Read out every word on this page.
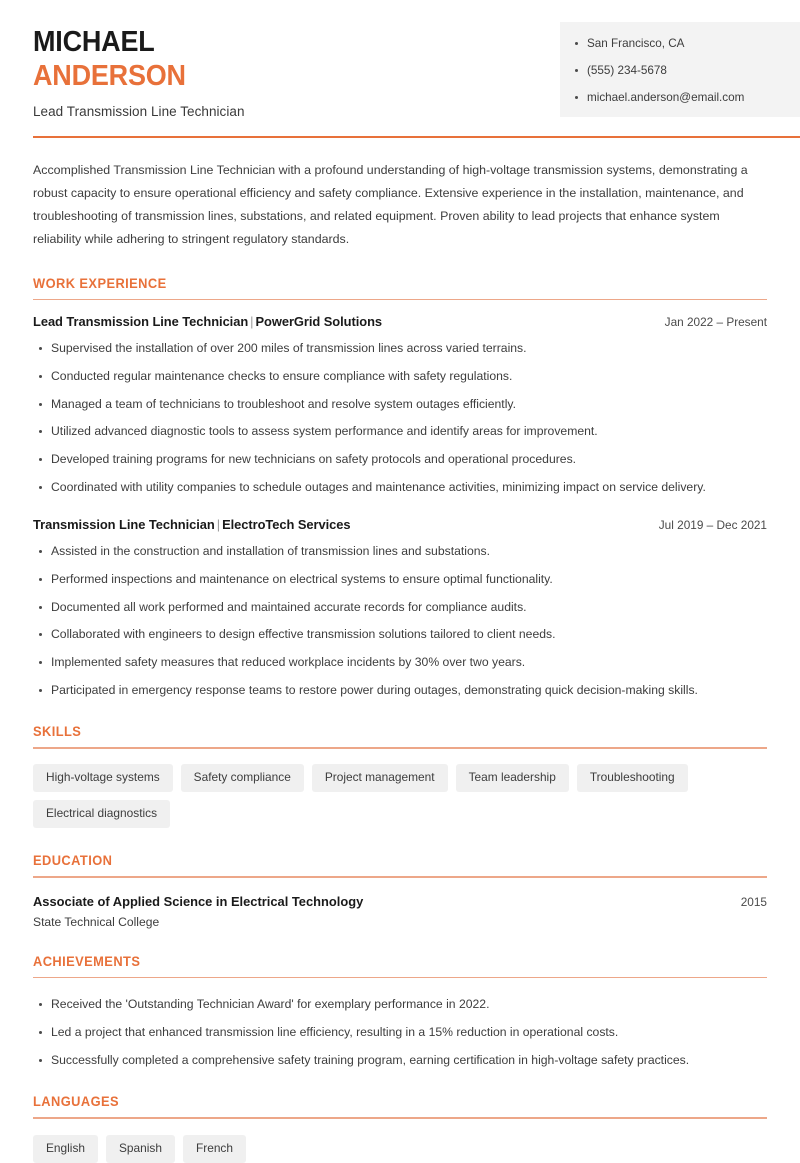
MICHAEL
ANDERSON
Lead Transmission Line Technician
San Francisco, CA
(555) 234-5678
michael.anderson@email.com

Accomplished Transmission Line Technician with a profound understanding of high-voltage transmission systems, demonstrating a robust capacity to ensure operational efficiency and safety compliance. Extensive experience in the installation, maintenance, and troubleshooting of transmission lines, substations, and related equipment. Proven ability to lead projects that enhance system reliability while adhering to stringent regulatory standards.

WORK EXPERIENCE
Lead Transmission Line Technician | PowerGrid Solutions	Jan 2022 – Present
Supervised the installation of over 200 miles of transmission lines across varied terrains.
Conducted regular maintenance checks to ensure compliance with safety regulations.
Managed a team of technicians to troubleshoot and resolve system outages efficiently.
Utilized advanced diagnostic tools to assess system performance and identify areas for improvement.
Developed training programs for new technicians on safety protocols and operational procedures.
Coordinated with utility companies to schedule outages and maintenance activities, minimizing impact on service delivery.
Transmission Line Technician | ElectroTech Services	Jul 2019 – Dec 2021
Assisted in the construction and installation of transmission lines and substations.
Performed inspections and maintenance on electrical systems to ensure optimal functionality.
Documented all work performed and maintained accurate records for compliance audits.
Collaborated with engineers to design effective transmission solutions tailored to client needs.
Implemented safety measures that reduced workplace incidents by 30% over two years.
Participated in emergency response teams to restore power during outages, demonstrating quick decision-making skills.
SKILLS
High-voltage systems	Safety compliance	Project management	Team leadership	Troubleshooting
Electrical diagnostics
EDUCATION
Associate of Applied Science in Electrical Technology	2015
State Technical College
ACHIEVEMENTS
Received the 'Outstanding Technician Award' for exemplary performance in 2022.
Led a project that enhanced transmission line efficiency, resulting in a 15% reduction in operational costs.
Successfully completed a comprehensive safety training program, earning certification in high-voltage safety practices.
LANGUAGES
English	Spanish	French
